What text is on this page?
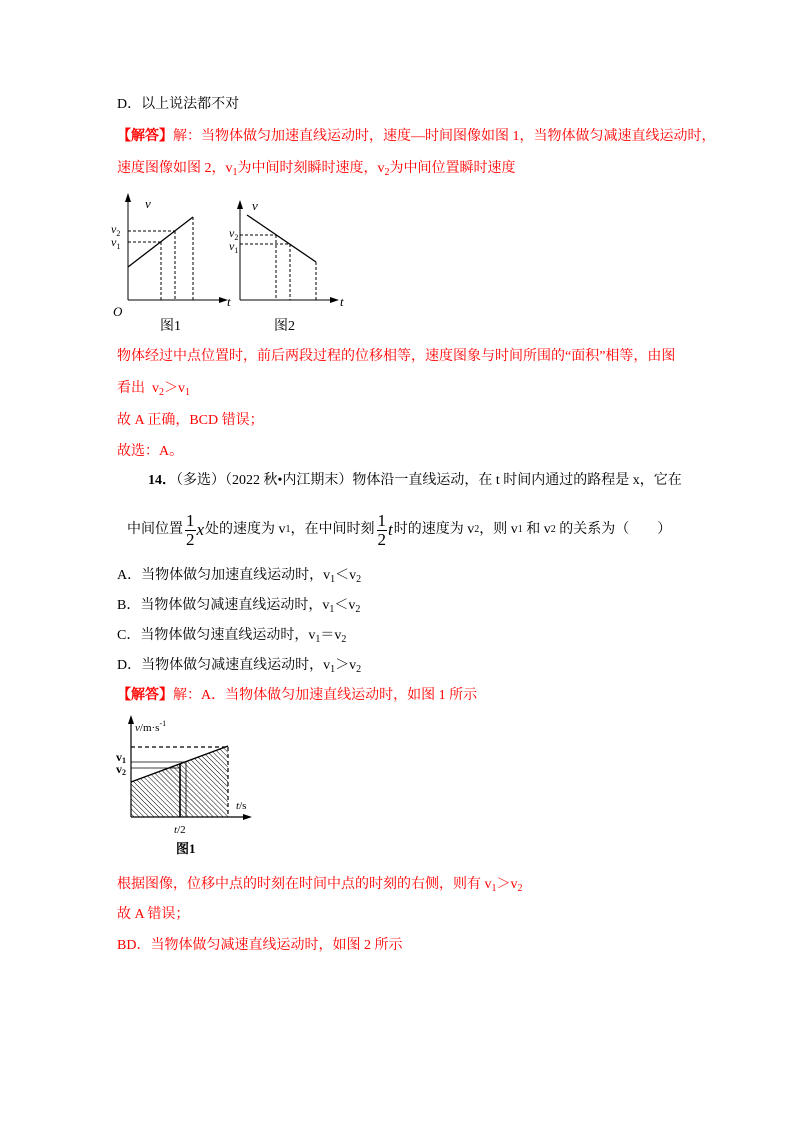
D．以上说法都不对
【解答】解：当物体做匀加速直线运动时，速度—时间图像如图 1，当物体做匀减速直线运动时，
速度图像如图 2，$v_1$为中间时刻瞬时速度，$v_2$为中间位置瞬时速度
v
O
t
$v_2$
$v_1$
图1
v
t
$v_2$
$v_1$
图2
物体经过中点位置时，前后两段过程的位移相等，速度图象与时间所围的“面积”相等，由图
看出  $v_2>v_1$
故 A 正确，BCD 错误；
故选：A。
14．（多选）（2022 秋•内江期末）物体沿一直线运动，在 t 时间内通过的路程是 x，它在
中间位置 $\frac{1}{2}$ x 处的速度为 v 1 ，在中间时刻 $\frac{1}{2}$ t 时的速度为 v 2 ，则 v 1 和 v 2 的关系为（　　）
A．当物体做匀加速直线运动时，$v_1<v_2$
B．当物体做匀减速直线运动时，$v_1<v_2$
C．当物体做匀速直线运动时，$v_1=v_2$
D．当物体做匀减速直线运动时，$v_1>v_2$
【解答】解：A．当物体做匀加速直线运动时，如图 1 所示
$v/m\cdot s^{-1}$
v1
v2
t/s
t/2
图1
根据图像，位移中点的时刻在时间中点的时刻的右侧，则有 $v_1>v_2$
故 A 错误；
BD．当物体做匀减速直线运动时，如图 2 所示
